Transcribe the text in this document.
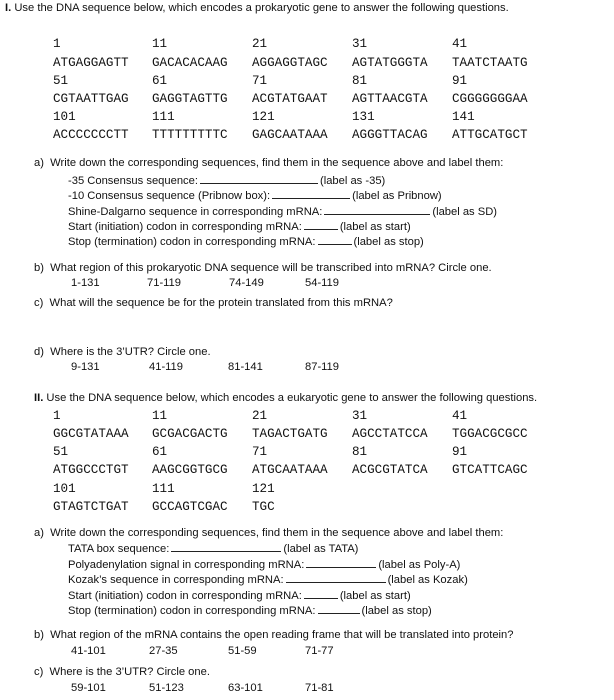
I. Use the DNA sequence below, which encodes a prokaryotic gene to answer the following questions.
1	11	21	31	41
ATGAGGAGTT GACACACAAG AGGAGGTAGC AGTATGGGTA TAATCTAATG
51	61	71	81	91
CGTAATTGAG GAGGTAGTTG ACGTATGAAT AGTTAACGTA CGGGGGGGAA
101	111	121	131	141
ACCCCCCCTT TTTTTTTTTC GAGCAATAAA AGGGTTACAG ATTGCATGCT
a) Write down the corresponding sequences, find them in the sequence above and label them:
-35 Consensus sequence:	(label as -35)
-10 Consensus sequence (Pribnow box):	(label as Pribnow)
Shine-Dalgarno sequence in corresponding mRNA:	(label as SD)
Start (initiation) codon in corresponding mRNA:	(label as start)
Stop (termination) codon in corresponding mRNA:	(label as stop)
b) What region of this prokaryotic DNA sequence will be transcribed into mRNA? Circle one.
1-131	71-119	74-149	54-119
c) What will the sequence be for the protein translated from this mRNA?
d) Where is the 3’UTR? Circle one.
9-131	41-119	81-141	87-119
II. Use the DNA sequence below, which encodes a eukaryotic gene to answer the following questions.
1	11	21	31	41
GGCGTATAAA GCGACGACTG TAGACTGATG AGCCTATCCA TGGACGCGCC
51	61	71	81	91
ATGGCCCTGT AAGCGGTGCG ATGCAATAAA ACGCGTATCA GTCATTCAGC
101	111	121
GTAGTCTGAT GCCAGTCGAC TGC
a) Write down the corresponding sequences, find them in the sequence above and label them:
TATA box sequence:	(label as TATA)
Polyadenylation signal in corresponding mRNA:	(label as Poly-A)
Kozak’s sequence in corresponding mRNA:	(label as Kozak)
Start (initiation) codon in corresponding mRNA:	(label as start)
Stop (termination) codon in corresponding mRNA:	(label as stop)
b) What region of the mRNA contains the open reading frame that will be translated into protein?
41-101	27-35	51-59	71-77
c) Where is the 3’UTR? Circle one.
59-101	51-123	63-101	71-81
